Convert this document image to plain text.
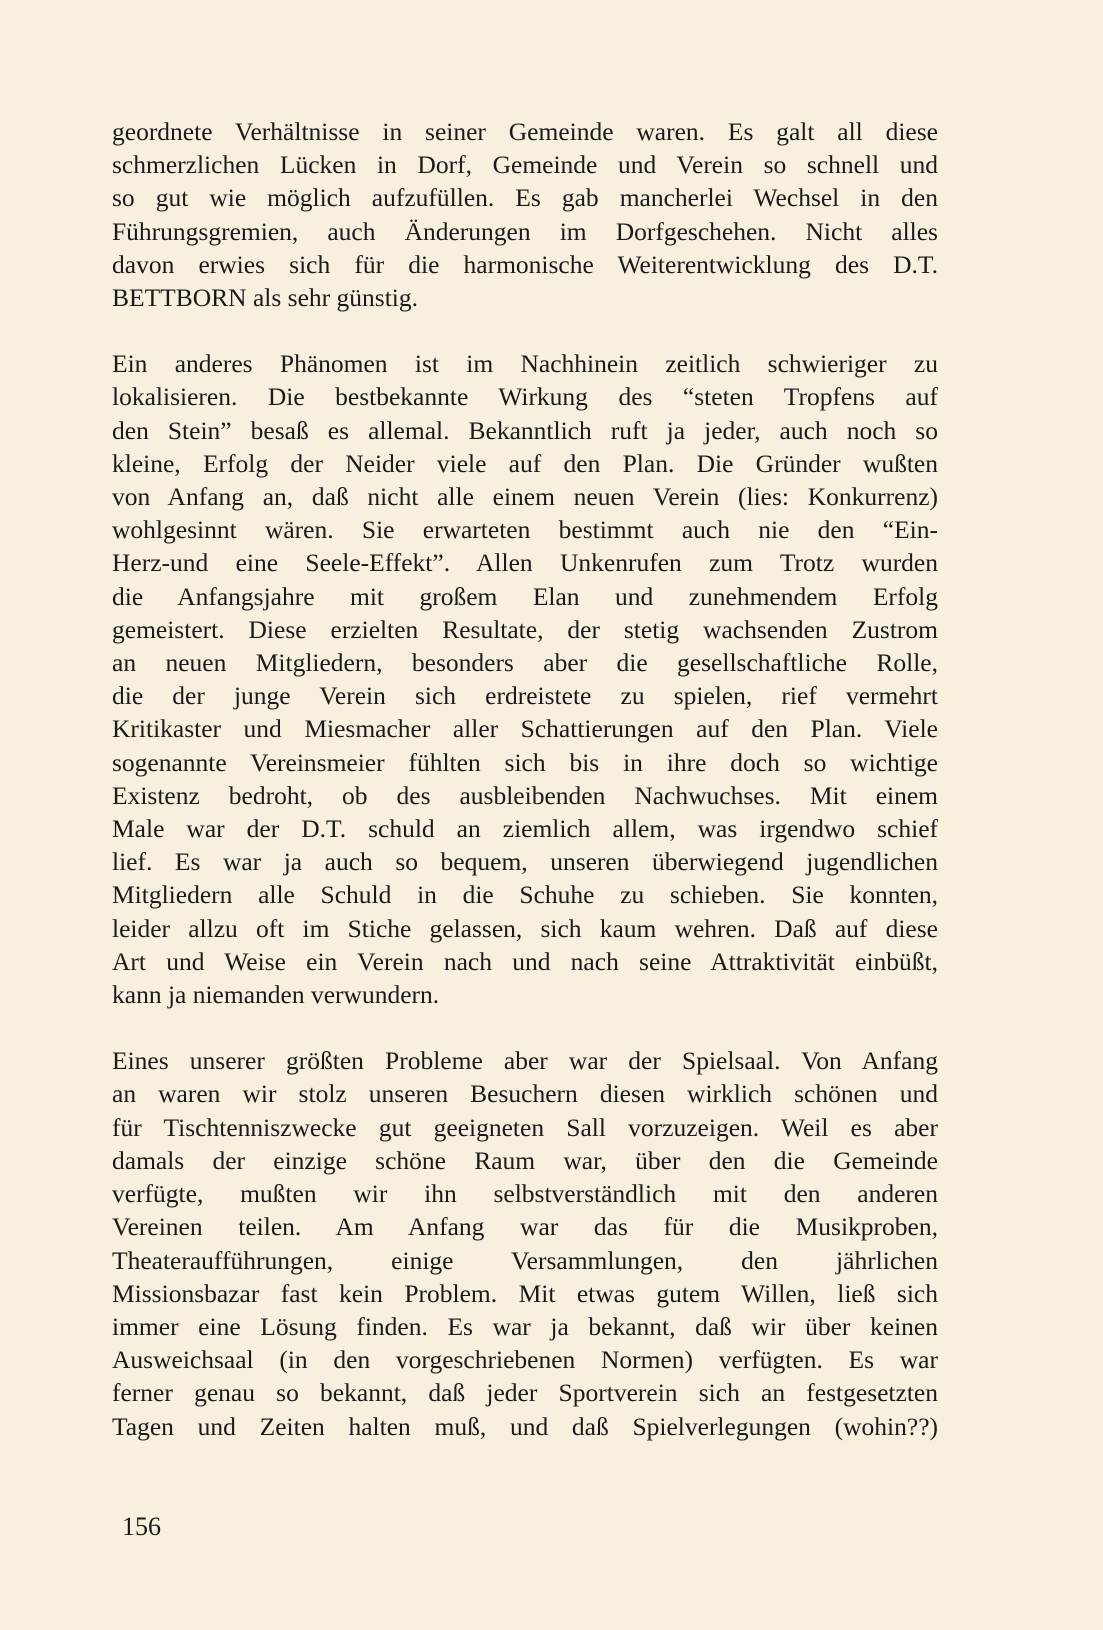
geordnete Verhältnisse in seiner Gemeinde waren. Es galt all diese
schmerzlichen Lücken in Dorf, Gemeinde und Verein so schnell und
so gut wie möglich aufzufüllen. Es gab mancherlei Wechsel in den
Führungsgremien, auch Änderungen im Dorfgeschehen. Nicht alles
davon erwies sich für die harmonische Weiterentwicklung des D.T.
BETTBORN als sehr günstig.

Ein anderes Phänomen ist im Nachhinein zeitlich schwieriger zu
lokalisieren. Die bestbekannte Wirkung des “steten Tropfens auf
den Stein” besaß es allemal. Bekanntlich ruft ja jeder, auch noch so
kleine, Erfolg der Neider viele auf den Plan. Die Gründer wußten
von Anfang an, daß nicht alle einem neuen Verein (lies: Konkurrenz)
wohlgesinnt wären. Sie erwarteten bestimmt auch nie den “Ein-
Herz-und eine Seele-Effekt”. Allen Unkenrufen zum Trotz wurden
die Anfangsjahre mit großem Elan und zunehmendem Erfolg
gemeistert. Diese erzielten Resultate, der stetig wachsenden Zustrom
an neuen Mitgliedern, besonders aber die gesellschaftliche Rolle,
die der junge Verein sich erdreistete zu spielen, rief vermehrt
Kritikaster und Miesmacher aller Schattierungen auf den Plan. Viele
sogenannte Vereinsmeier fühlten sich bis in ihre doch so wichtige
Existenz bedroht, ob des ausbleibenden Nachwuchses. Mit einem
Male war der D.T. schuld an ziemlich allem, was irgendwo schief
lief. Es war ja auch so bequem, unseren überwiegend jugendlichen
Mitgliedern alle Schuld in die Schuhe zu schieben. Sie konnten,
leider allzu oft im Stiche gelassen, sich kaum wehren. Daß auf diese
Art und Weise ein Verein nach und nach seine Attraktivität einbüßt,
kann ja niemanden verwundern.

Eines unserer größten Probleme aber war der Spielsaal. Von Anfang
an waren wir stolz unseren Besuchern diesen wirklich schönen und
für Tischtenniszwecke gut geeigneten Sall vorzuzeigen. Weil es aber
damals der einzige schöne Raum war, über den die Gemeinde
verfügte, mußten wir ihn selbstverständlich mit den anderen
Vereinen teilen. Am Anfang war das für die Musikproben,
Theateraufführungen, einige Versammlungen, den jährlichen
Missionsbazar fast kein Problem. Mit etwas gutem Willen, ließ sich
immer eine Lösung finden. Es war ja bekannt, daß wir über keinen
Ausweichsaal (in den vorgeschriebenen Normen) verfügten. Es war
ferner genau so bekannt, daß jeder Sportverein sich an festgesetzten
Tagen und Zeiten halten muß, und daß Spielverlegungen (wohin??)

156
